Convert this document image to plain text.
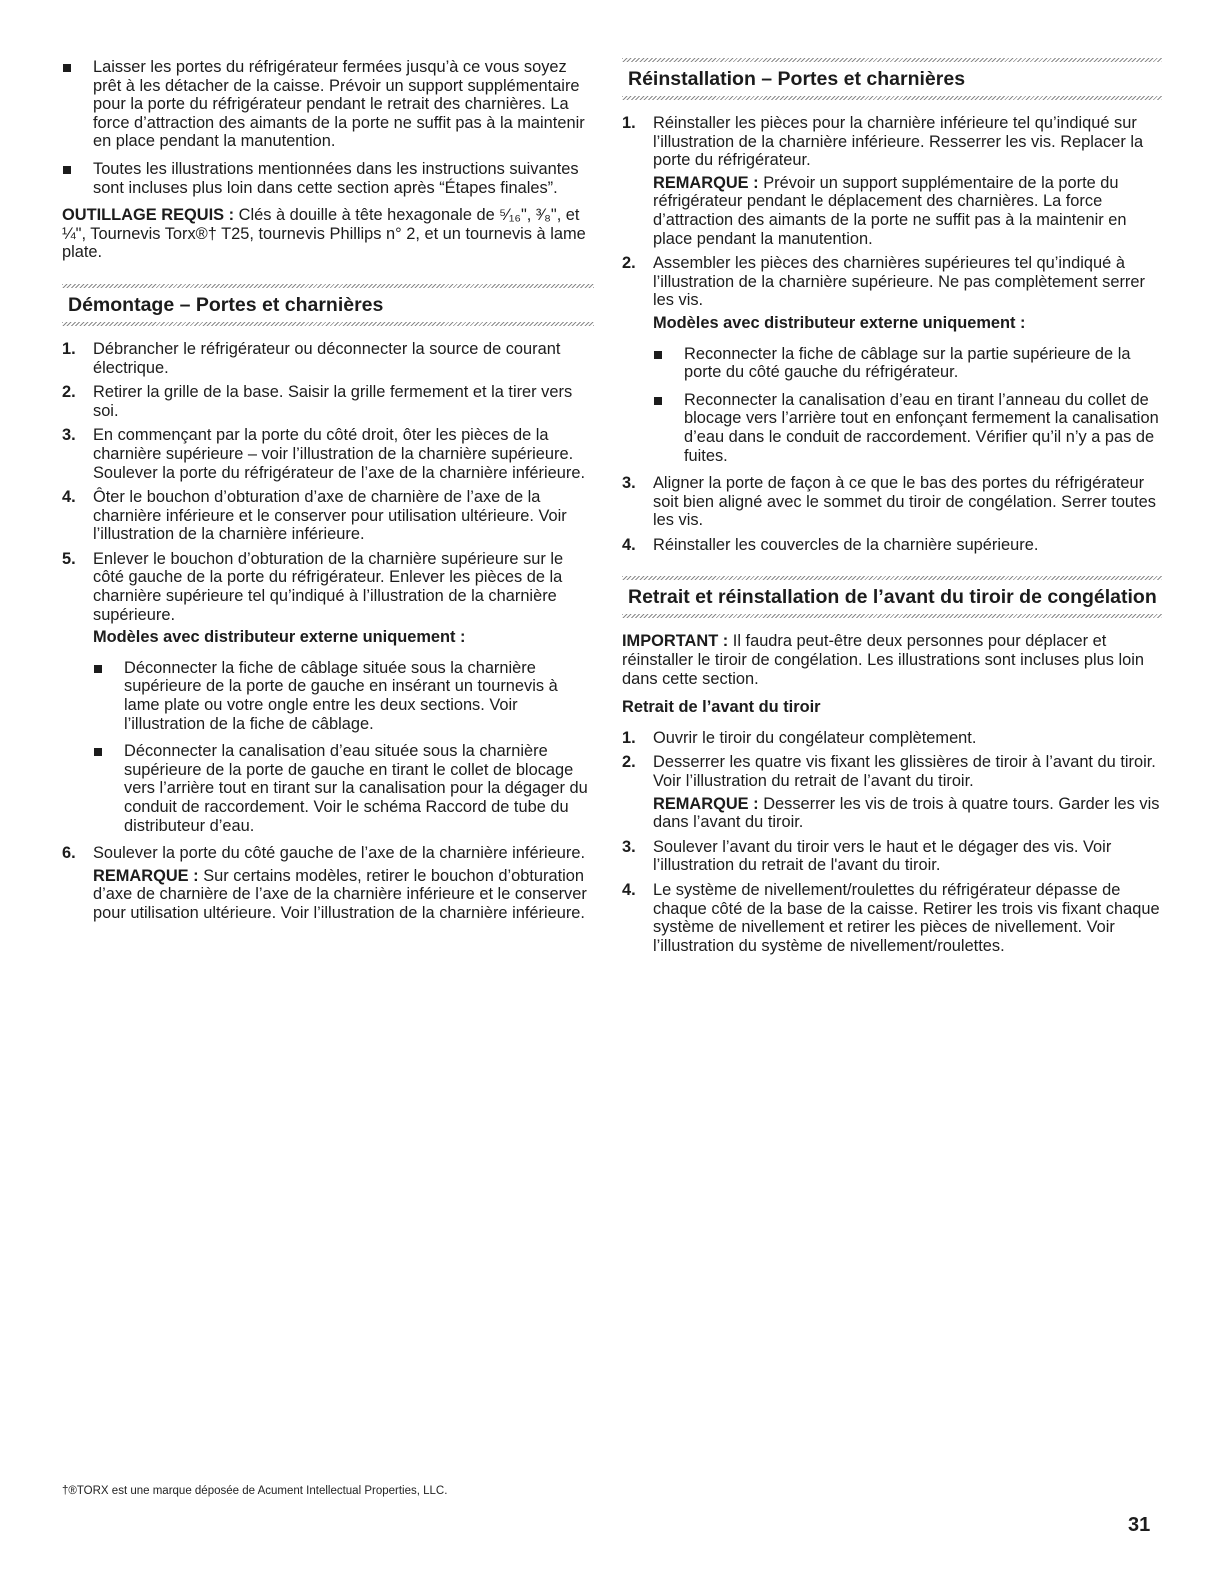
Laisser les portes du réfrigérateur fermées jusqu’à ce vous soyez prêt à les détacher de la caisse. Prévoir un support supplémentaire pour la porte du réfrigérateur pendant le retrait des charnières. La force d’attraction des aimants de la porte ne suffit pas à la maintenir en place pendant la manutention.

Toutes les illustrations mentionnées dans les instructions suivantes sont incluses plus loin dans cette section après “Étapes finales”.

OUTILLAGE REQUIS : Clés à douille à tête hexagonale de ⁵⁄₁₆", ³⁄₈", et ¼", Tournevis Torx®† T25, tournevis Phillips n° 2, et un tournevis à lame plate.

Démontage – Portes et charnières
1. Débrancher le réfrigérateur ou déconnecter la source de courant électrique.

2. Retirer la grille de la base. Saisir la grille fermement et la tirer vers soi.

3. En commençant par la porte du côté droit, ôter les pièces de la charnière supérieure – voir l’illustration de la charnière supérieure. Soulever la porte du réfrigérateur de l’axe de la charnière inférieure.

4. Ôter le bouchon d’obturation d’axe de charnière de l’axe de la charnière inférieure et le conserver pour utilisation ultérieure. Voir l’illustration de la charnière inférieure.

5. Enlever le bouchon d’obturation de la charnière supérieure sur le côté gauche de la porte du réfrigérateur. Enlever les pièces de la charnière supérieure tel qu’indiqué à l’illustration de la charnière supérieure.

Modèles avec distributeur externe uniquement :

Déconnecter la fiche de câblage située sous la charnière supérieure de la porte de gauche en insérant un tournevis à lame plate ou votre ongle entre les deux sections. Voir l’illustration de la fiche de câblage.

Déconnecter la canalisation d’eau située sous la charnière supérieure de la porte de gauche en tirant le collet de blocage vers l’arrière tout en tirant sur la canalisation pour la dégager du conduit de raccordement. Voir le schéma Raccord de tube du distributeur d’eau.

6. Soulever la porte du côté gauche de l’axe de la charnière inférieure.

REMARQUE : Sur certains modèles, retirer le bouchon d’obturation d’axe de charnière de l’axe de la charnière inférieure et le conserver pour utilisation ultérieure. Voir l’illustration de la charnière inférieure.

Réinstallation – Portes et charnières
1. Réinstaller les pièces pour la charnière inférieure tel qu’indiqué sur l’illustration de la charnière inférieure. Resserrer les vis. Replacer la porte du réfrigérateur.

REMARQUE : Prévoir un support supplémentaire de la porte du réfrigérateur pendant le déplacement des charnières. La force d’attraction des aimants de la porte ne suffit pas à la maintenir en place pendant la manutention.

2. Assembler les pièces des charnières supérieures tel qu’indiqué à l’illustration de la charnière supérieure. Ne pas complètement serrer les vis.

Modèles avec distributeur externe uniquement :

Reconnecter la fiche de câblage sur la partie supérieure de la porte du côté gauche du réfrigérateur.

Reconnecter la canalisation d’eau en tirant l’anneau du collet de blocage vers l’arrière tout en enfonçant fermement la canalisation d’eau dans le conduit de raccordement. Vérifier qu’il n’y a pas de fuites.

3. Aligner la porte de façon à ce que le bas des portes du réfrigérateur soit bien aligné avec le sommet du tiroir de congélation. Serrer toutes les vis.

4. Réinstaller les couvercles de la charnière supérieure.

Retrait et réinstallation de l’avant du tiroir de congélation

IMPORTANT : Il faudra peut-être deux personnes pour déplacer et réinstaller le tiroir de congélation. Les illustrations sont incluses plus loin dans cette section.

Retrait de l’avant du tiroir

1. Ouvrir le tiroir du congélateur complètement.

2. Desserrer les quatre vis fixant les glissières de tiroir à l’avant du tiroir. Voir l’illustration du retrait de l’avant du tiroir.

REMARQUE : Desserrer les vis de trois à quatre tours. Garder les vis dans l’avant du tiroir.

3. Soulever l’avant du tiroir vers le haut et le dégager des vis. Voir l’illustration du retrait de l'avant du tiroir.

4. Le système de nivellement/roulettes du réfrigérateur dépasse de chaque côté de la base de la caisse. Retirer les trois vis fixant chaque système de nivellement et retirer les pièces de nivellement. Voir l’illustration du système de nivellement/roulettes.

†®TORX est une marque déposée de Acument Intellectual Properties, LLC.
31
